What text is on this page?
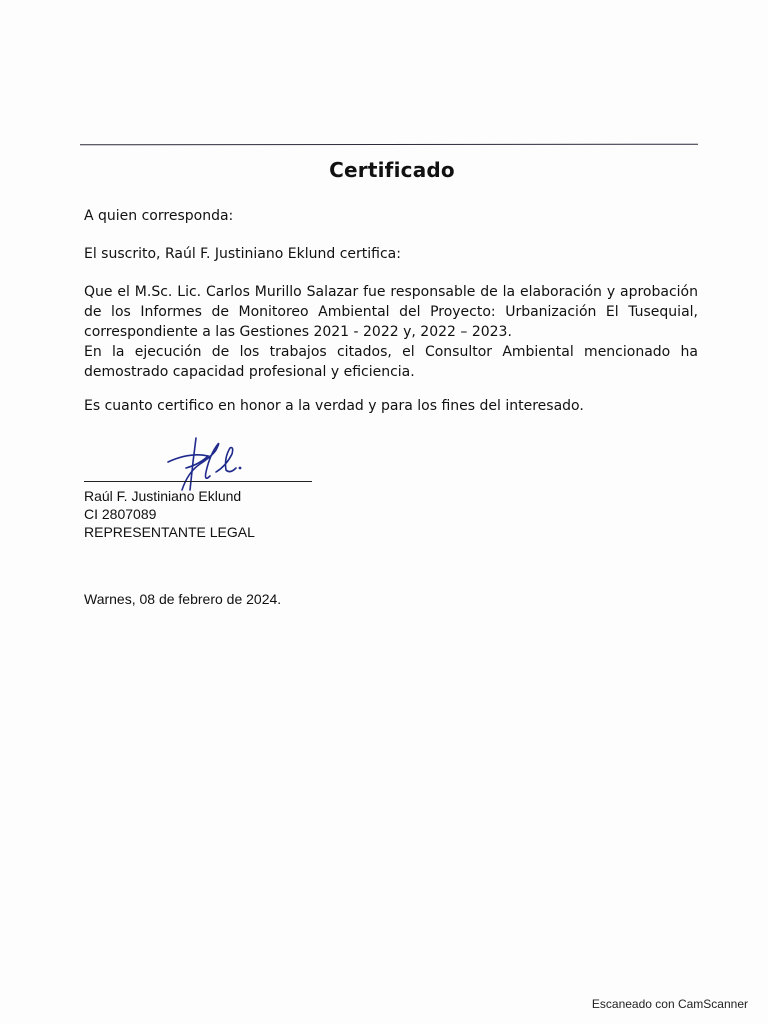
Certificado
A quien corresponda:
El suscrito, Raúl F. Justiniano Eklund certifica:
Que el M.Sc. Lic. Carlos Murillo Salazar fue responsable de la elaboración y aprobación de los Informes de Monitoreo Ambiental del Proyecto: Urbanización El Tusequial, correspondiente a las Gestiones 2021 - 2022 y, 2022 – 2023.
En la ejecución de los trabajos citados, el Consultor Ambiental mencionado ha demostrado capacidad profesional y eficiencia.
Es cuanto certifico en honor a la verdad y para los fines del interesado.
Raúl F. Justiniano Eklund
CI 2807089
REPRESENTANTE LEGAL
Warnes, 08 de febrero de 2024.
Escaneado con CamScanner
